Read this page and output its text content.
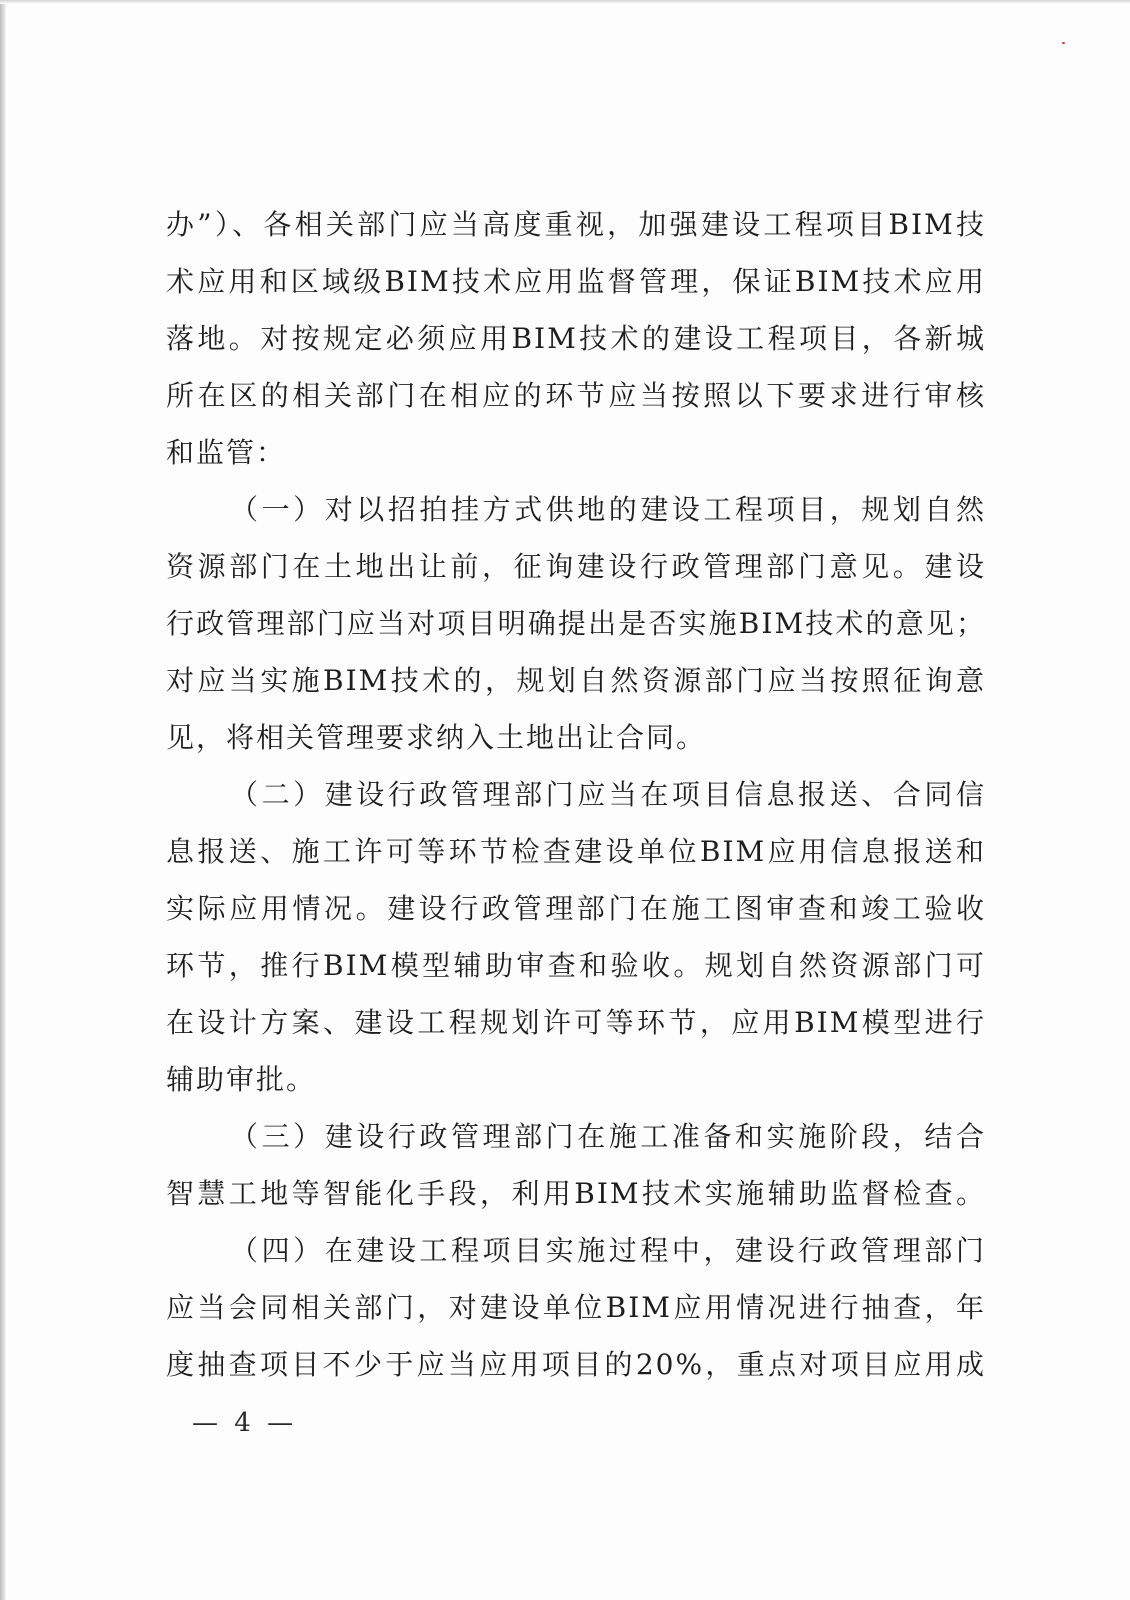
办”）、各相关部门应当高度重视，加强建设工程项目BIM技
术应用和区域级BIM技术应用监督管理，保证BIM技术应用
落地。对按规定必须应用BIM技术的建设工程项目，各新城
所在区的相关部门在相应的环节应当按照以下要求进行审核
和监管：
（一）对以招拍挂方式供地的建设工程项目，规划自然
资源部门在土地出让前，征询建设行政管理部门意见。建设
行政管理部门应当对项目明确提出是否实施BIM技术的意见；
对应当实施BIM技术的，规划自然资源部门应当按照征询意
见，将相关管理要求纳入土地出让合同。
（二）建设行政管理部门应当在项目信息报送、合同信
息报送、施工许可等环节检查建设单位BIM应用信息报送和
实际应用情况。建设行政管理部门在施工图审查和竣工验收
环节，推行BIM模型辅助审查和验收。规划自然资源部门可
在设计方案、建设工程规划许可等环节，应用BIM模型进行
辅助审批。
（三）建设行政管理部门在施工准备和实施阶段，结合
智慧工地等智能化手段，利用BIM技术实施辅助监督检查。
（四）在建设工程项目实施过程中，建设行政管理部门
应当会同相关部门，对建设单位BIM应用情况进行抽查，年
度抽查项目不少于应当应用项目的20%，重点对项目应用成
— 4 —
